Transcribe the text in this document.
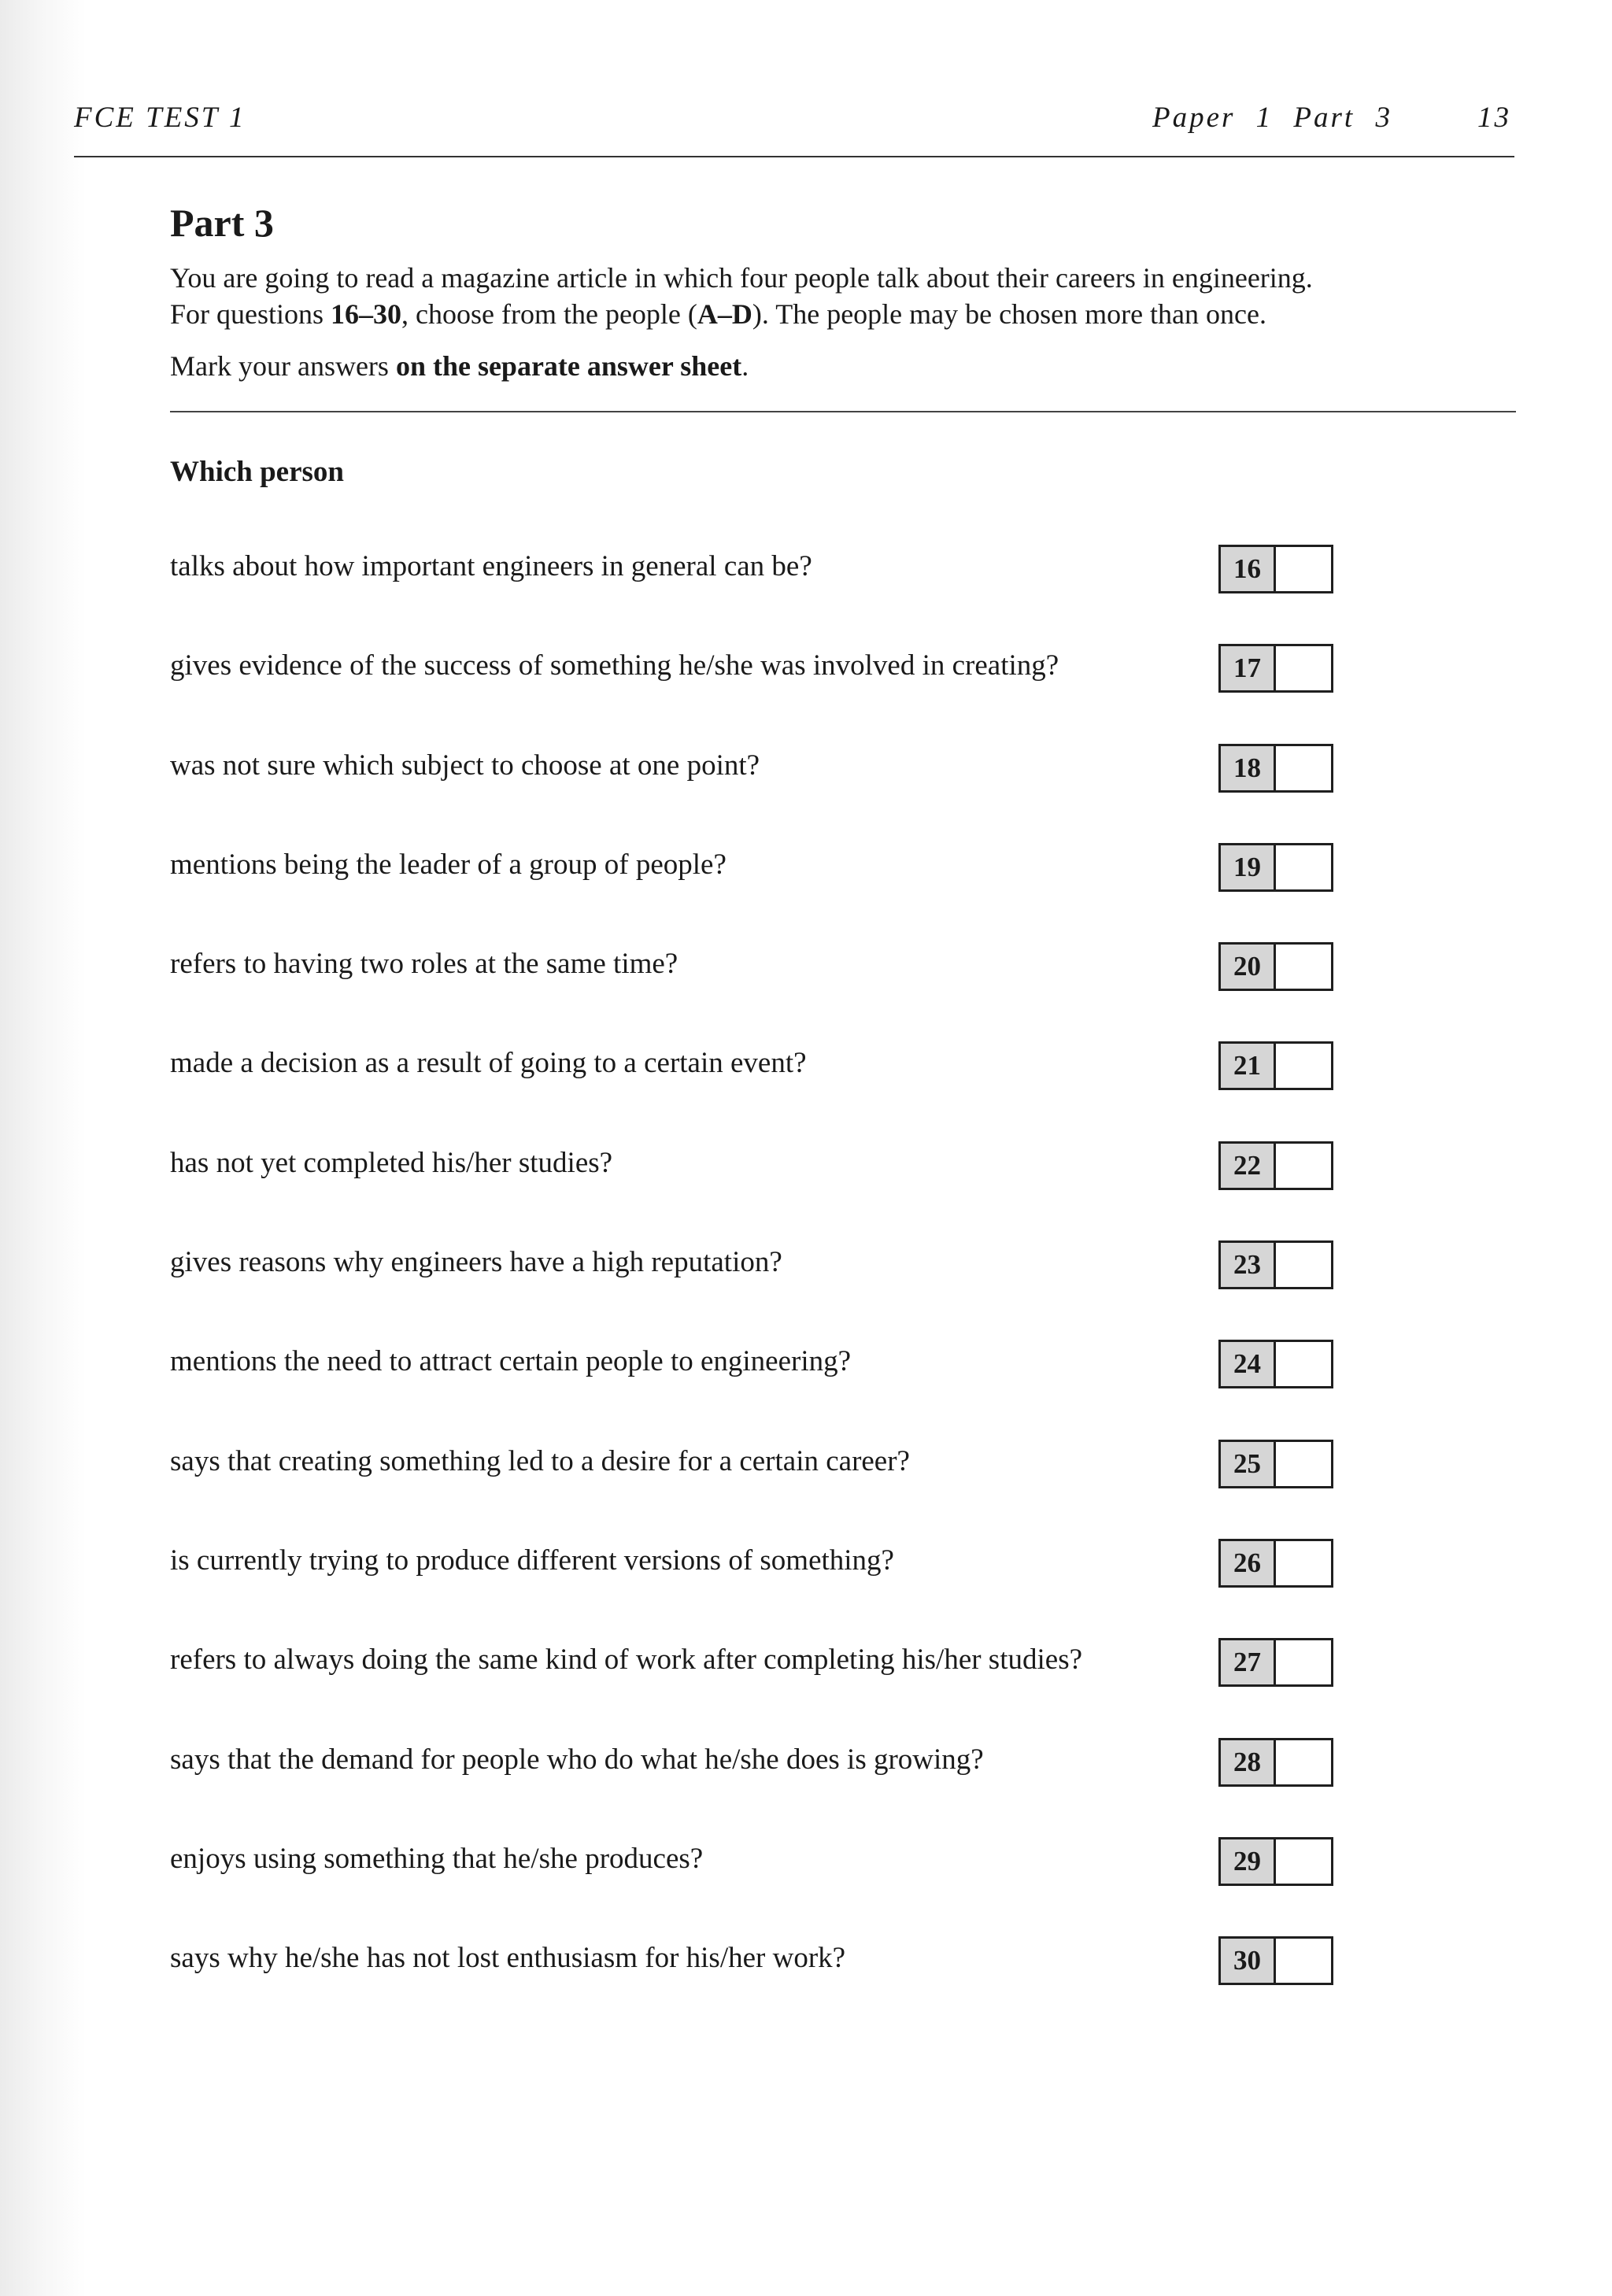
FCE TEST 1	Paper 1 Part 3	13
Part 3

You are going to read a magazine article in which four people talk about their careers in engineering.

For questions 16–30, choose from the people (A–D). The people may be chosen more than once.

Mark your answers on the separate answer sheet.

Which person
talks about how important engineers in general can be?	16
gives evidence of the success of something he/she was involved in creating?	17
was not sure which subject to choose at one point?	18
mentions being the leader of a group of people?	19
refers to having two roles at the same time?	20
made a decision as a result of going to a certain event?	21
has not yet completed his/her studies?	22
gives reasons why engineers have a high reputation?	23
mentions the need to attract certain people to engineering?	24
says that creating something led to a desire for a certain career?	25
is currently trying to produce different versions of something?	26
refers to always doing the same kind of work after completing his/her studies?	27
says that the demand for people who do what he/she does is growing?	28
enjoys using something that he/she produces?	29
says why he/she has not lost enthusiasm for his/her work?	30
